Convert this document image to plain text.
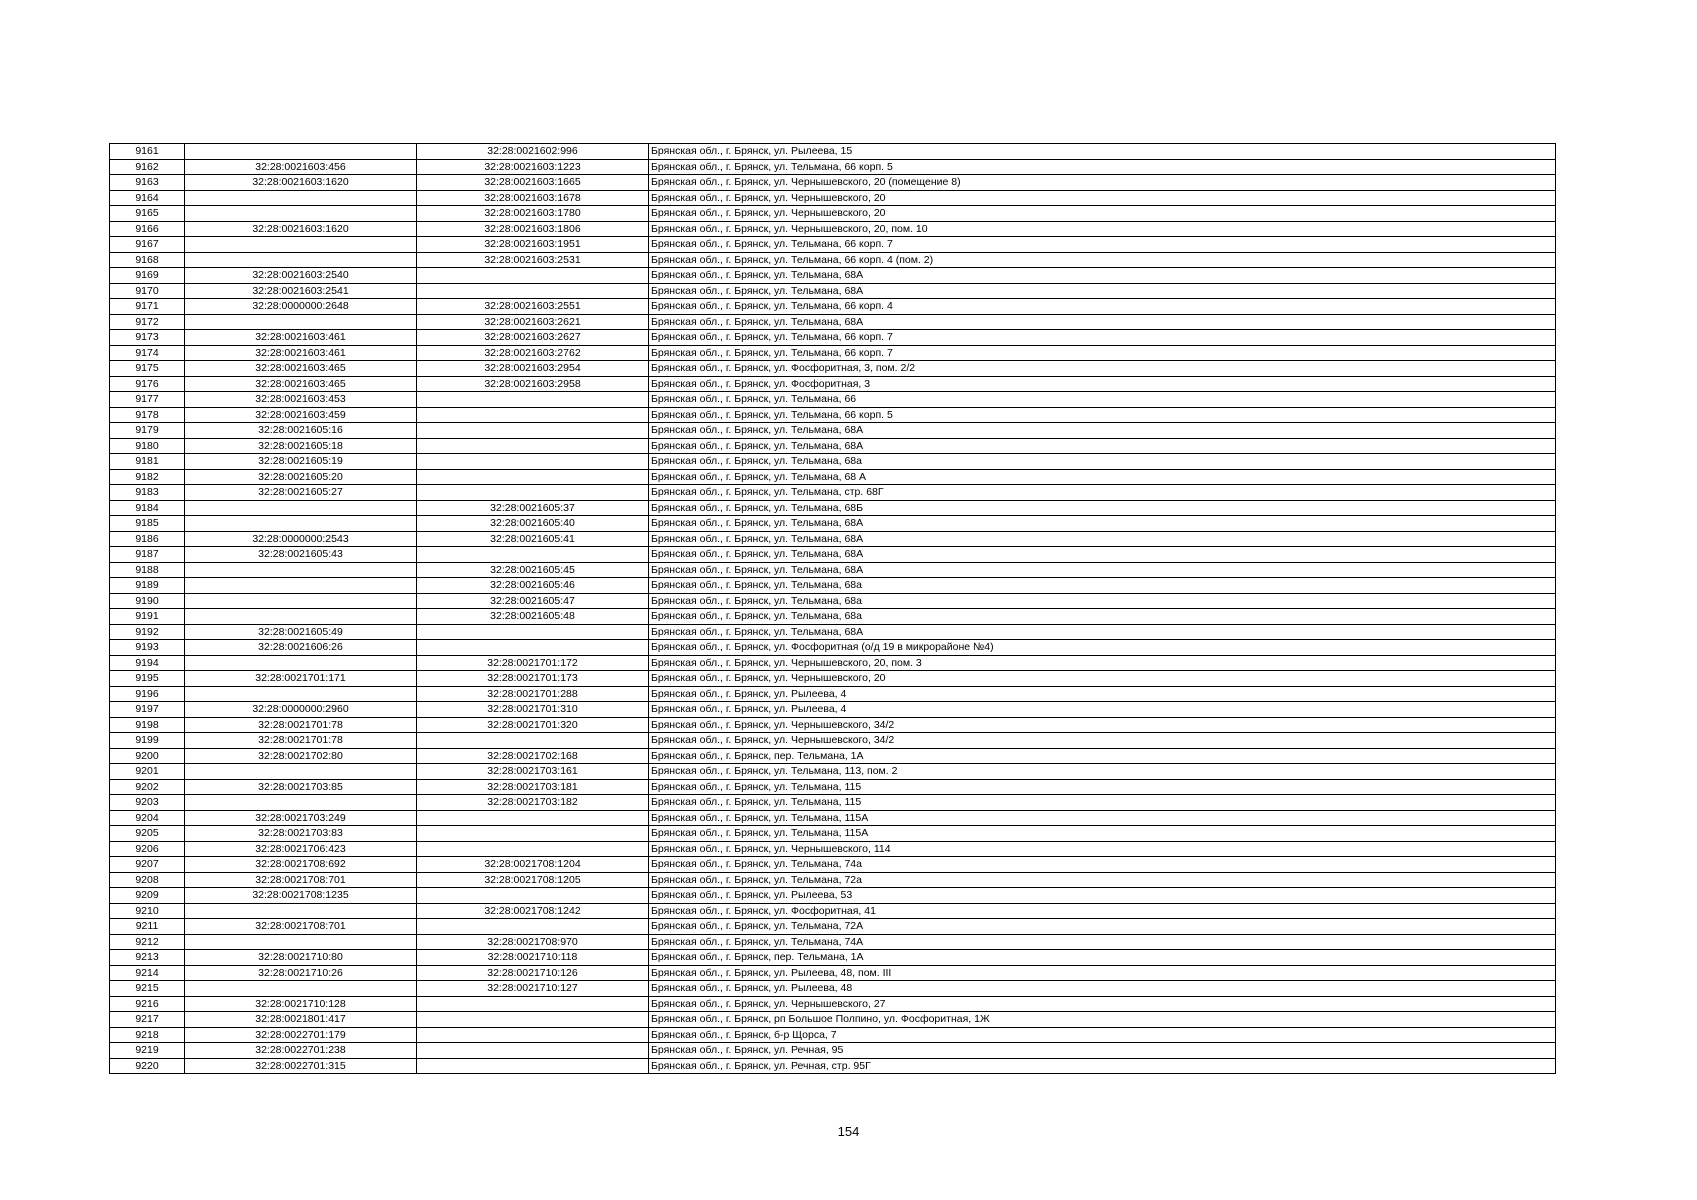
9161		32:28:0021602:996	Брянская обл., г. Брянск, ул. Рылеева, 15
9162	32:28:0021603:456	32:28:0021603:1223	Брянская обл., г. Брянск, ул. Тельмана, 66 корп. 5
9163	32:28:0021603:1620	32:28:0021603:1665	Брянская обл., г. Брянск, ул. Чернышевского, 20 (помещение 8)
9164		32:28:0021603:1678	Брянская обл., г. Брянск, ул. Чернышевского, 20
9165		32:28:0021603:1780	Брянская обл., г. Брянск, ул. Чернышевского, 20
9166	32:28:0021603:1620	32:28:0021603:1806	Брянская обл., г. Брянск, ул. Чернышевского, 20, пом. 10
9167		32:28:0021603:1951	Брянская обл., г. Брянск, ул. Тельмана, 66 корп. 7
9168		32:28:0021603:2531	Брянская обл., г. Брянск, ул. Тельмана, 66 корп. 4 (пом. 2)
9169	32:28:0021603:2540		Брянская обл., г. Брянск, ул. Тельмана, 68А
9170	32:28:0021603:2541		Брянская обл., г. Брянск, ул. Тельмана, 68А
9171	32:28:0000000:2648	32:28:0021603:2551	Брянская обл., г. Брянск, ул. Тельмана, 66 корп. 4
9172		32:28:0021603:2621	Брянская обл., г. Брянск, ул. Тельмана, 68А
9173	32:28:0021603:461	32:28:0021603:2627	Брянская обл., г. Брянск, ул. Тельмана, 66 корп. 7
9174	32:28:0021603:461	32:28:0021603:2762	Брянская обл., г. Брянск, ул. Тельмана, 66 корп. 7
9175	32:28:0021603:465	32:28:0021603:2954	Брянская обл., г. Брянск, ул. Фосфоритная, 3, пом. 2/2
9176	32:28:0021603:465	32:28:0021603:2958	Брянская обл., г. Брянск, ул. Фосфоритная, 3
9177	32:28:0021603:453		Брянская обл., г. Брянск, ул. Тельмана, 66
9178	32:28:0021603:459		Брянская обл., г. Брянск, ул. Тельмана, 66 корп. 5
9179	32:28:0021605:16		Брянская обл., г. Брянск, ул. Тельмана, 68А
9180	32:28:0021605:18		Брянская обл., г. Брянск, ул. Тельмана, 68А
9181	32:28:0021605:19		Брянская обл., г. Брянск, ул. Тельмана, 68а
9182	32:28:0021605:20		Брянская обл., г. Брянск, ул. Тельмана, 68 А
9183	32:28:0021605:27		Брянская обл., г. Брянск, ул. Тельмана, стр. 68Г
9184		32:28:0021605:37	Брянская обл., г. Брянск, ул. Тельмана, 68Б
9185		32:28:0021605:40	Брянская обл., г. Брянск, ул. Тельмана, 68А
9186	32:28:0000000:2543	32:28:0021605:41	Брянская обл., г. Брянск, ул. Тельмана, 68А
9187	32:28:0021605:43		Брянская обл., г. Брянск, ул. Тельмана, 68А
9188		32:28:0021605:45	Брянская обл., г. Брянск, ул. Тельмана, 68А
9189		32:28:0021605:46	Брянская обл., г. Брянск, ул. Тельмана, 68а
9190		32:28:0021605:47	Брянская обл., г. Брянск, ул. Тельмана, 68а
9191		32:28:0021605:48	Брянская обл., г. Брянск, ул. Тельмана, 68а
9192	32:28:0021605:49		Брянская обл., г. Брянск, ул. Тельмана, 68А
9193	32:28:0021606:26		Брянская обл., г. Брянск, ул. Фосфоритная (о/д 19 в микрорайоне №4)
9194		32:28:0021701:172	Брянская обл., г. Брянск, ул. Чернышевского, 20, пом. 3
9195	32:28:0021701:171	32:28:0021701:173	Брянская обл., г. Брянск, ул. Чернышевского, 20
9196		32:28:0021701:288	Брянская обл., г. Брянск, ул. Рылеева, 4
9197	32:28:0000000:2960	32:28:0021701:310	Брянская обл., г. Брянск, ул. Рылеева, 4
9198	32:28:0021701:78	32:28:0021701:320	Брянская обл., г. Брянск, ул. Чернышевского, 34/2
9199	32:28:0021701:78		Брянская обл., г. Брянск, ул. Чернышевского, 34/2
9200	32:28:0021702:80	32:28:0021702:168	Брянская обл., г. Брянск, пер. Тельмана, 1А
9201		32:28:0021703:161	Брянская обл., г. Брянск, ул. Тельмана, 113, пом. 2
9202	32:28:0021703:85	32:28:0021703:181	Брянская обл., г. Брянск, ул. Тельмана, 115
9203		32:28:0021703:182	Брянская обл., г. Брянск, ул. Тельмана, 115
9204	32:28:0021703:249		Брянская обл., г. Брянск, ул. Тельмана, 115А
9205	32:28:0021703:83		Брянская обл., г. Брянск, ул. Тельмана, 115А
9206	32:28:0021706:423		Брянская обл., г. Брянск, ул. Чернышевского, 114
9207	32:28:0021708:692	32:28:0021708:1204	Брянская обл., г. Брянск, ул. Тельмана, 74а
9208	32:28:0021708:701	32:28:0021708:1205	Брянская обл., г. Брянск, ул. Тельмана, 72а
9209	32:28:0021708:1235		Брянская обл., г. Брянск, ул. Рылеева, 53
9210		32:28:0021708:1242	Брянская обл., г. Брянск, ул. Фосфоритная, 41
9211	32:28:0021708:701		Брянская обл., г. Брянск, ул. Тельмана, 72А
9212		32:28:0021708:970	Брянская обл., г. Брянск, ул. Тельмана, 74А
9213	32:28:0021710:80	32:28:0021710:118	Брянская обл., г. Брянск, пер. Тельмана, 1А
9214	32:28:0021710:26	32:28:0021710:126	Брянская обл., г. Брянск, ул. Рылеева, 48, пом. III
9215		32:28:0021710:127	Брянская обл., г. Брянск, ул. Рылеева, 48
9216	32:28:0021710:128		Брянская обл., г. Брянск, ул. Чернышевского, 27
9217	32:28:0021801:417		Брянская обл., г. Брянск, рп Большое Полпино, ул. Фосфоритная, 1Ж
9218	32:28:0022701:179		Брянская обл., г. Брянск, б-р Щорса, 7
9219	32:28:0022701:238		Брянская обл., г. Брянск, ул. Речная, 95
9220	32:28:0022701:315		Брянская обл., г. Брянск, ул. Речная, стр. 95Г
154
